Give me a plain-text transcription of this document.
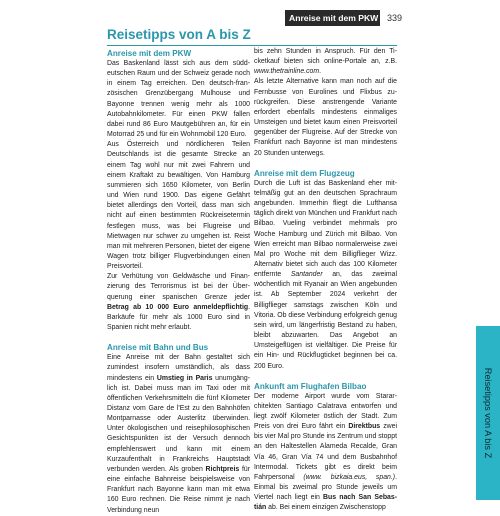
Anreise mit dem PKW 339
Reisetipps von A bis Z
Reisetipps von A bis Z
Anreise mit dem PKW

Das Baskenland lässt sich aus dem süddeutschen Raum und der Schweiz gerade noch in einem Tag erreichen. Den deutsch-französischen Grenzübergang Mulhouse und Bayonne trennen wenig mehr als 1000 Autobahnkilometer. Für einen PKW fallen dabei rund 86 Euro Mautgebühren an, für ein Motorrad 25 und für ein Wohnmobil 120 Euro.

Aus Österreich und nördlicheren Teilen Deutschlands ist die gesamte Strecke an einem Tag wohl nur mit zwei Fahrern und einem Kraftakt zu bewältigen. Von Hamburg summieren sich 1650 Kilometer, von Berlin und Wien rund 1900. Das eigene Gefährt bietet allerdings den Vorteil, dass man sich nicht auf einen bestimmten Rückreisetermin festlegen muss, was bei Flugreise und Mietwagen nur schwer zu umgehen ist. Reist man mit mehreren Personen, bietet der eigene Wagen trotz billiger Flugverbindungen einen Preisvorteil.

Zur Verhütung von Geldwäsche und Finanzierung des Terrorismus ist bei der Überquerung einer spanischen Grenze jeder Betrag ab 10 000 Euro anmeldepflichtig. Barkäufe für mehr als 1000 Euro sind in Spanien nicht mehr erlaubt.

Anreise mit Bahn und Bus

Eine Anreise mit der Bahn gestaltet sich zumindest insofern umständlich, als dass mindestens ein Umstieg in Paris unumgänglich ist. Dabei muss man im Taxi oder mit öffentlichen Verkehrsmitteln die fünf Kilometer Distanz vom Gare de l'Est zu den Bahnhöfen Montparnasse oder Austerlitz überwinden. Unter ökologischen und reisephilosophischen Gesichtspunkten ist der Versuch dennoch empfehlenswert und kann mit einem Kurzaufenthalt in Frankreichs Hauptstadt verbunden werden. Als groben Richtpreis für eine einfache Bahnreise beispielsweise von Frankfurt nach Bayonne kann man mit etwa 160 Euro rechnen. Die Reise nimmt je nach Verbindung neun

bis zehn Stunden in Anspruch. Für den Ticketkauf bieten sich online-Portale an, z.B. www.thetrainline.com.

Als letzte Alternative kann man noch auf die Fernbusse von Eurolines und Flixbus zurückgreifen. Diese anstrengende Variante erfordert ebenfalls mindestens einmaliges Umsteigen und bietet kaum einen Preisvorteil gegenüber der Flugreise. Auf der Strecke von Frankfurt nach Bayonne ist man mindestens 20 Stunden unterwegs.

Anreise mit dem Flugzeug

Durch die Luft ist das Baskenland eher mittelmäßig gut an den deutschen Sprachraum angebunden. Immerhin fliegt die Lufthansa täglich direkt von München und Frankfurt nach Bilbao. Vueling verbindet mehrmals pro Woche Hamburg und Zürich mit Bilbao. Von Wien erreicht man Bilbao normalerweise zwei Mal pro Woche mit dem Billigflieger Wizz. Alternativ bietet sich auch das 100 Kilometer entfernte Santander an, das zweimal wöchentlich mit Ryanair an Wien angebunden ist. Ab September 2024 verkehrt der Billigflieger samstags zwischen Köln und Vitoria. Ob diese Verbindung erfolgreich genug sein wird, um längerfristig Bestand zu haben, bleibt abzuwarten. Das Angebot an Umsteigeflügen ist vielfältiger. Die Preise für ein Hin- und Rückflugticket beginnen bei ca. 200 Euro.

Ankunft am Flughafen Bilbao

Der moderne Airport wurde vom Stararchitekten Santiago Calatrava entworfen und liegt zwölf Kilometer östlich der Stadt. Zum Preis von drei Euro fährt ein Direktbus zwei bis vier Mal pro Stunde ins Zentrum und stoppt an den Haltestellen Alameda Recalde, Gran Vía 46, Gran Vía 74 und dem Busbahnhof Intermodal. Tickets gibt es direkt beim Fahrpersonal (www. bizkaia.eus, span.). Einmal bis zweimal pro Stunde jeweils um Viertel nach liegt ein Bus nach San Sebastián ab. Bei einem einzigen Zwischenstopp
